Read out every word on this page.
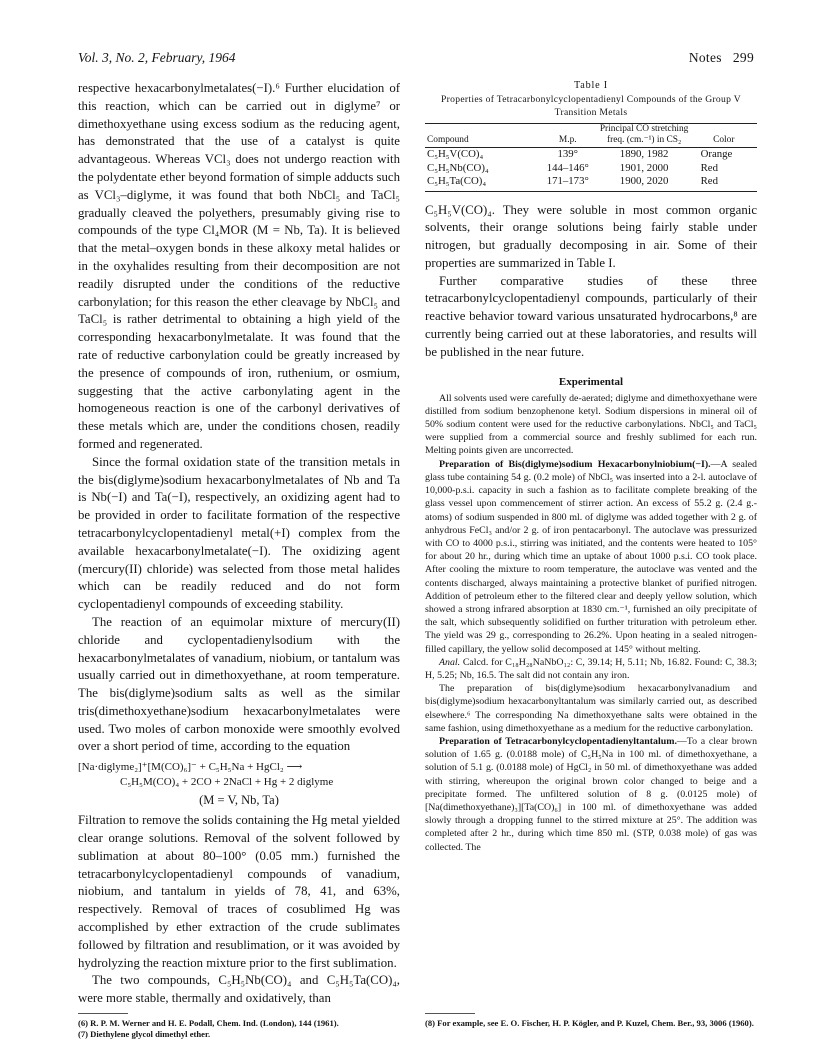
Vol. 3, No. 2, February, 1964	Notes   299

respective hexacarbonylmetalates(−I).⁶ Further elucidation of this reaction, which can be carried out in diglyme⁷ or dimethoxyethane using excess sodium as the reducing agent, has demonstrated that the use of a catalyst is quite advantageous. Whereas VCl₃ does not undergo reaction with the polydentate ether beyond formation of simple adducts such as VCl₃–diglyme, it was found that both NbCl₅ and TaCl₅ gradually cleaved the polyethers, presumably giving rise to compounds of the type Cl₄MOR (M = Nb, Ta). It is believed that the metal–oxygen bonds in these alkoxy metal halides or in the oxyhalides resulting from their decomposition are not readily disrupted under the conditions of the reductive carbonylation; for this reason the ether cleavage by NbCl₅ and TaCl₅ is rather detrimental to obtaining a high yield of the corresponding hexacarbonylmetalate. It was found that the rate of reductive carbonylation could be greatly increased by the presence of compounds of iron, ruthenium, or osmium, suggesting that the active carbonylating agent in the homogeneous reaction is one of the carbonyl derivatives of these metals which are, under the conditions chosen, readily formed and regenerated.

Since the formal oxidation state of the transition metals in the bis(diglyme)sodium hexacarbonylmetalates of Nb and Ta is Nb(−I) and Ta(−I), respectively, an oxidizing agent had to be provided in order to facilitate formation of the respective tetracarbonylcyclopentadienyl metal(+I) complex from the available hexacarbonylmetalate(−I). The oxidizing agent (mercury(II) chloride) was selected from those metal halides which can be readily reduced and do not form cyclopentadienyl compounds of exceeding stability.

The reaction of an equimolar mixture of mercury(II) chloride and cyclopentadienylsodium with the hexacarbonylmetalates of vanadium, niobium, or tantalum was usually carried out in dimethoxyethane, at room temperature. The bis(diglyme)sodium salts as well as the similar tris(dimethoxyethane)sodium hexacarbonylmetalates were used. Two moles of carbon monoxide were smoothly evolved over a short period of time, according to the equation

[Na·diglyme₂]⁺[M(CO)₆]⁻ + C₅H₅Na + HgCl₂ ⟶
C₅H₅M(CO)₄ + 2CO + 2NaCl + Hg + 2 diglyme
(M = V, Nb, Ta)

Filtration to remove the solids containing the Hg metal yielded clear orange solutions. Removal of the solvent followed by sublimation at about 80–100° (0.05 mm.) furnished the tetracarbonylcyclopentadienyl compounds of vanadium, niobium, and tantalum in yields of 78, 41, and 63%, respectively. Removal of traces of cosublimed Hg was accomplished by ether extraction of the crude sublimates followed by filtration and resublimation, or it was avoided by hydrolyzing the reaction mixture prior to the first sublimation.

The two compounds, C₅H₅Nb(CO)₄ and C₅H₅Ta(CO)₄, were more stable, thermally and oxidatively, than

Table I
Properties of Tetracarbonylcyclopentadienyl Compounds of the Group V Transition Metals
Compound	M.p.	Principal CO stretching freq. (cm.⁻¹) in CS₂	Color
C₅H₅V(CO)₄	139°	1890, 1982	Orange
C₅H₅Nb(CO)₄	144–146°	1901, 2000	Red
C₅H₅Ta(CO)₄	171–173°	1900, 2020	Red

C₅H₅V(CO)₄. They were soluble in most common organic solvents, their orange solutions being fairly stable under nitrogen, but gradually decomposing in air. Some of their properties are summarized in Table I.

Further comparative studies of these three tetracarbonylcyclopentadienyl compounds, particularly of their reactive behavior toward various unsaturated hydrocarbons,⁸ are currently being carried out at these laboratories, and results will be published in the near future.

Experimental

All solvents used were carefully de-aerated; diglyme and dimethoxyethane were distilled from sodium benzophenone ketyl. Sodium dispersions in mineral oil of 50% sodium content were used for the reductive carbonylations. NbCl₅ and TaCl₅ were supplied from a commercial source and freshly sublimed for each run. Melting points given are uncorrected.

Preparation of Bis(diglyme)sodium Hexacarbonylniobium(−I).—A sealed glass tube containing 54 g. (0.2 mole) of NbCl₅ was inserted into a 2-l. autoclave of 10,000-p.s.i. capacity in such a fashion as to facilitate complete breaking of the glass vessel upon commencement of stirrer action. An excess of 55.2 g. (2.4 g.-atoms) of sodium suspended in 800 ml. of diglyme was added together with 2 g. of anhydrous FeCl₃ and/or 2 g. of iron pentacarbonyl. The autoclave was pressurized with CO to 4000 p.s.i., stirring was initiated, and the contents were heated to 105° for about 20 hr., during which time an uptake of about 1000 p.s.i. CO took place. After cooling the mixture to room temperature, the autoclave was vented and the contents discharged, always maintaining a protective blanket of purified nitrogen. Addition of petroleum ether to the filtered clear and deeply yellow solution, which showed a strong infrared absorption at 1830 cm.⁻¹, furnished an oily precipitate of the salt, which subsequently solidified on further trituration with petroleum ether. The yield was 29 g., corresponding to 26.2%. Upon heating in a sealed nitrogen-filled capillary, the yellow solid decomposed at 145° without melting.

Anal. Calcd. for C₁₈H₂₈NaNbO₁₂: C, 39.14; H, 5.11; Nb, 16.82. Found: C, 38.3; H, 5.25; Nb, 16.5. The salt did not contain any iron.

The preparation of bis(diglyme)sodium hexacarbonylvanadium and bis(diglyme)sodium hexacarbonyltantalum was similarly carried out, as described elsewhere.⁶ The corresponding Na dimethoxyethane salts were obtained in the same fashion, using dimethoxyethane as a medium for the reductive carbonylation.

Preparation of Tetracarbonylcyclopentadienyltantalum.—To a clear brown solution of 1.65 g. (0.0188 mole) of C₅H₅Na in 100 ml. of dimethoxyethane, a solution of 5.1 g. (0.0188 mole) of HgCl₂ in 50 ml. of dimethoxyethane was added with stirring, whereupon the original brown color changed to beige and a precipitate formed. The unfiltered solution of 8 g. (0.0125 mole) of [Na(dimethoxyethane)₃][Ta(CO)₆] in 100 ml. of dimethoxyethane was added slowly through a dropping funnel to the stirred mixture at 25°. The addition was completed after 2 hr., during which time 850 ml. (STP, 0.038 mole) of gas was collected. The

(6) R. P. M. Werner and H. E. Podall, Chem. Ind. (London), 144 (1961).
(7) Diethylene glycol dimethyl ether.
(8) For example, see E. O. Fischer, H. P. Kögler, and P. Kuzel, Chem. Ber., 93, 3006 (1960).
